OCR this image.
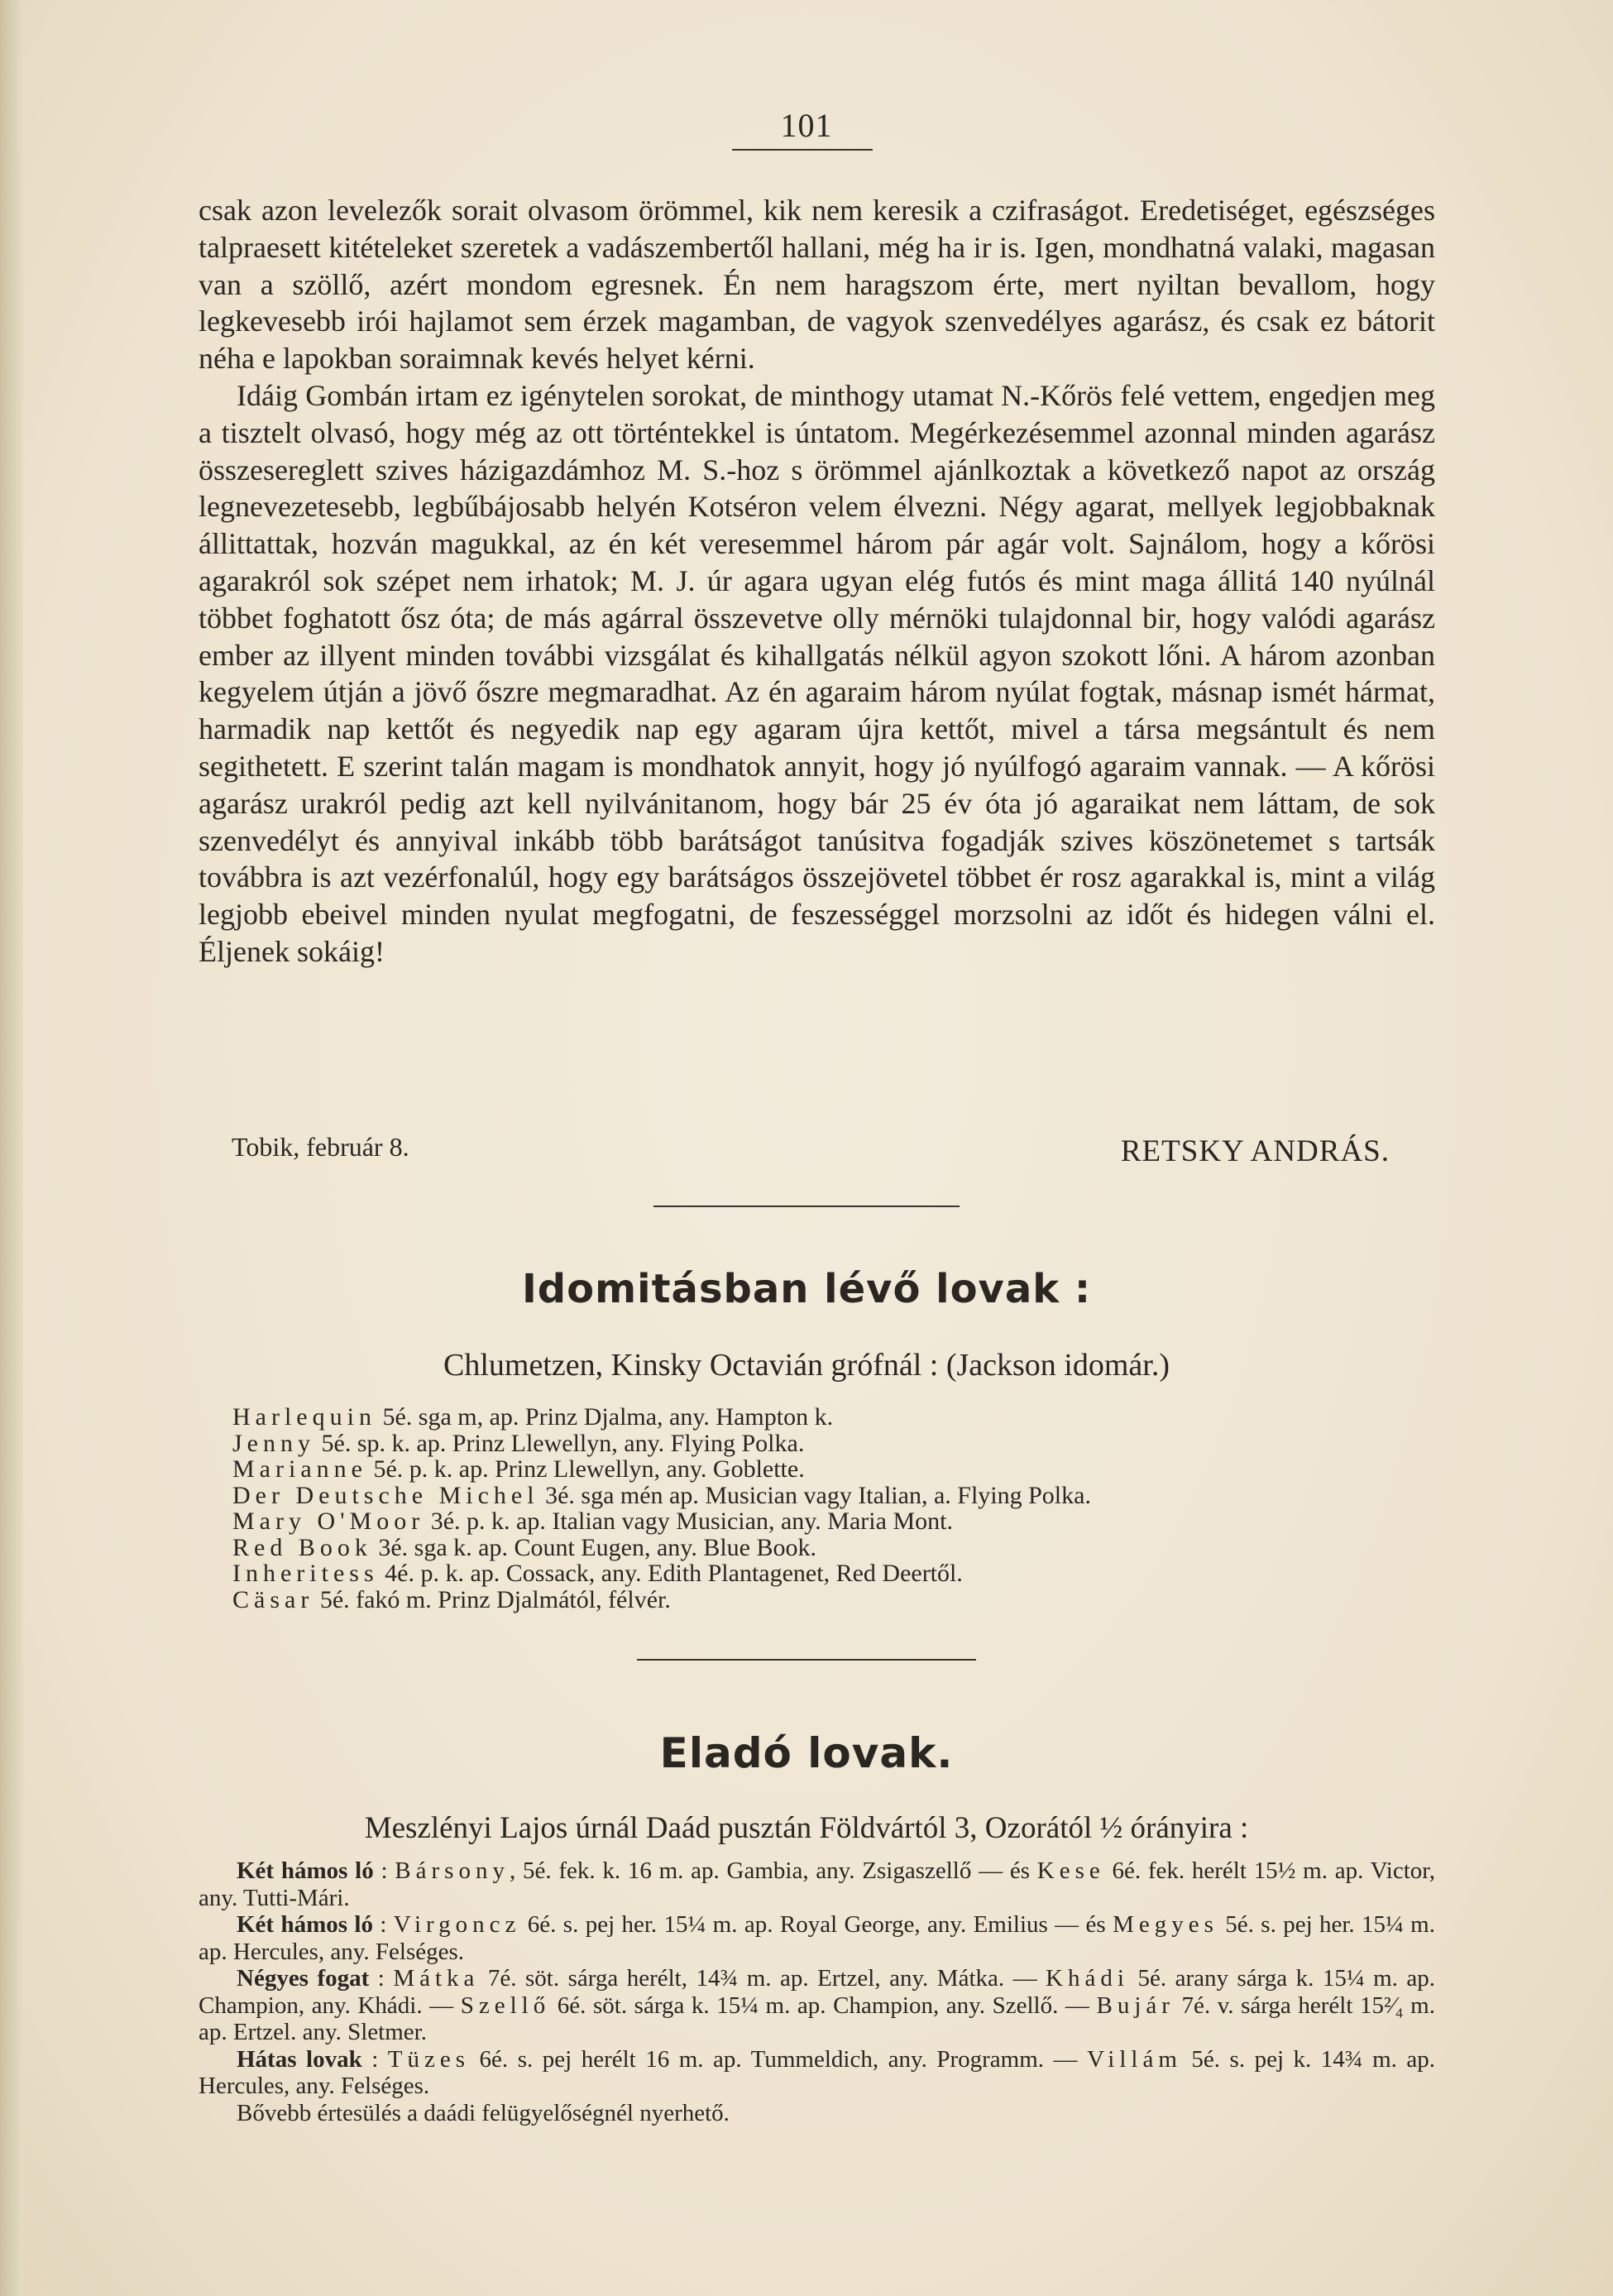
101

csak azon levelezők sorait olvasom örömmel, kik nem keresik a czifraságot. Eredetiséget, egészséges talpraesett kitételeket szeretek a vadászembertől hallani, még ha ir is. Igen, mondhatná valaki, magasan van a szöllő, azért mondom egresnek. Én nem haragszom érte, mert nyiltan bevallom, hogy legkevesebb irói hajlamot sem érzek magamban, de vagyok szenvedélyes agarász, és csak ez bátorit néha e lapokban soraimnak kevés helyet kérni.

Idáig Gombán irtam ez igénytelen sorokat, de minthogy utamat N.-Kőrös felé vettem, engedjen meg a tisztelt olvasó, hogy még az ott történtekkel is úntatom. Megérkezésemmel azonnal minden agarász összesereglett szives házigazdámhoz M. S.-hoz s örömmel ajánlkoztak a következő napot az ország legnevezetesebb, legbűbájosabb helyén Kotséron velem élvezni. Négy agarat, mellyek legjobbaknak állittattak, hozván magukkal, az én két veresemmel három pár agár volt. Sajnálom, hogy a kőrösi agarakról sok szépet nem irhatok; M. J. úr agara ugyan elég futós és mint maga állitá 140 nyúlnál többet foghatott ősz óta; de más agárral összevetve olly mérnöki tulajdonnal bir, hogy valódi agarász ember az illyent minden további vizsgálat és kihallgatás nélkül agyon szokott lőni. A három azonban kegyelem útján a jövő őszre megmaradhat. Az én agaraim három nyúlat fogtak, másnap ismét hármat, harmadik nap kettőt és negyedik nap egy agaram újra kettőt, mivel a társa megsántult és nem segithetett. E szerint talán magam is mondhatok annyit, hogy jó nyúlfogó agaraim vannak. — A kőrösi agarász urakról pedig azt kell nyilvánitanom, hogy bár 25 év óta jó agaraikat nem láttam, de sok szenvedélyt és annyival inkább több barátságot tanúsitva fogadják szives köszönetemet s tartsák továbbra is azt vezérfonalúl, hogy egy barátságos összejövetel többet ér rosz agarakkal is, mint a világ legjobb ebeivel minden nyulat megfogatni, de feszességgel morzsolni az időt és hidegen válni el. Éljenek sokáig!

Tobik, február 8.	RETSKY ANDRÁS.
Idomitásban lévő lovak :
Chlumetzen, Kinsky Octavián grófnál : (Jackson idomár.)

Harlequin 5é. sga m, ap. Prinz Djalma, any. Hampton k.

Jenny 5é. sp. k. ap. Prinz Llewellyn, any. Flying Polka.

Marianne 5é. p. k. ap. Prinz Llewellyn, any. Goblette.

Der Deutsche Michel 3é. sga mén ap. Musician vagy Italian, a. Flying Polka.

Mary O'Moor 3é. p. k. ap. Italian vagy Musician, any. Maria Mont.

Red Book 3é. sga k. ap. Count Eugen, any. Blue Book.

Inheritess 4é. p. k. ap. Cossack, any. Edith Plantagenet, Red Deertől.

Cäsar 5é. fakó m. Prinz Djalmától, félvér.

Eladó lovak.
Meszlényi Lajos úrnál Daád pusztán Földvártól 3, Ozorától ½ órányira :

Két hámos ló : Bársony, 5é. fek. k. 16 m. ap. Gambia, any. Zsigaszellő — és Kese 6é. fek. herélt 15½ m. ap. Victor, any. Tutti-Mári.

Két hámos ló : Virgoncz 6é. s. pej her. 15¼ m. ap. Royal George, any. Emilius — és Megyes 5é. s. pej her. 15¼ m. ap. Hercules, any. Felséges.

Négyes fogat : Mátka 7é. söt. sárga herélt, 14¾ m. ap. Ertzel, any. Mátka. — Khádi 5é. arany sárga k. 15¼ m. ap. Champion, any. Khádi. — Szellő 6é. söt. sárga k. 15¼ m. ap. Champion, any. Szellő. — Bujár 7é. v. sárga herélt 15²⁄₄ m. ap. Ertzel. any. Sletmer.

Hátas lovak : Tüzes 6é. s. pej herélt 16 m. ap. Tummeldich, any. Programm. — Villám 5é. s. pej k. 14¾ m. ap. Hercules, any. Felséges.

Bővebb értesülés a daádi felügyelőségnél nyerhető.
